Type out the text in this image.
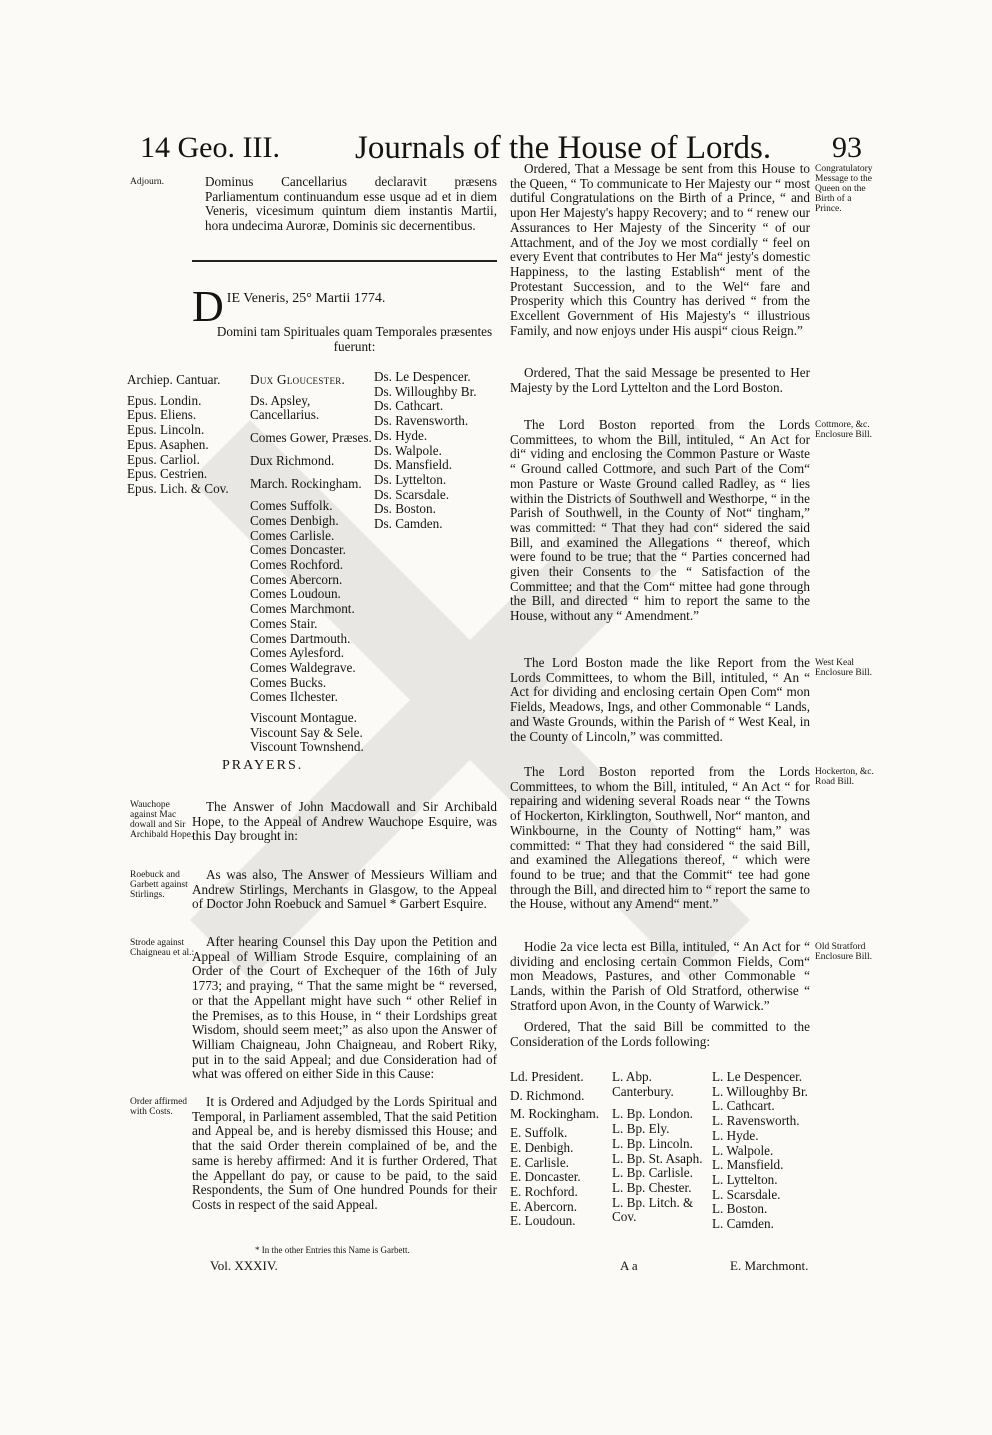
14 Geo. III. Journals of the House of Lords. 93
Adjourn.	Dominus Cancellarius declaravit præsens Parliamentum continuandum esse usque ad et in diem Veneris, vicesimum quintum diem instantis Martii, hora undecima Auroræ, Dominis sic decernentibus.
D IE Veneris, 25° Martii 1774.
Domini tam Spirituales quam Temporales præsentes fuerunt:
Archiep. Cantuar.
Epus. Londin.
Epus. Eliens.
Epus. Lincoln.
Epus. Asaphen.
Epus. Carliol.
Epus. Cestrien.
Epus. Lich. & Cov.
Dux Gloucester.
Ds. Apsley, Cancellarius.
Comes Gower, Præses.
Dux Richmond.
March. Rockingham.
Comes Suffolk.
Comes Denbigh.
Comes Carlisle.
Comes Doncaster.
Comes Rochford.
Comes Abercorn.
Comes Loudoun.
Comes Marchmont.
Comes Stair.
Comes Dartmouth.
Comes Aylesford.
Comes Waldegrave.
Comes Bucks.
Comes Ilchester.
Viscount Montague.
Viscount Say & Sele.
Viscount Townshend.
Ds. Le Despencer.
Ds. Willoughby Br.
Ds. Cathcart.
Ds. Ravensworth.
Ds. Hyde.
Ds. Walpole.
Ds. Mansfield.
Ds. Lyttelton.
Ds. Scarsdale.
Ds. Boston.
Ds. Camden.
PRAYERS.
Wauchope against Mac dowall and Sir Archibald Hope.
The Answer of John Macdowall and Sir Archibald Hope, to the Appeal of Andrew Wauchope Esquire, was this Day brought in:
Roebuck and Garbett against Stirlings.
As was also, The Answer of Messieurs William and Andrew Stirlings, Merchants in Glasgow, to the Appeal of Doctor John Roebuck and Samuel * Garbert Esquire.
Strode against Chaigneau et al.:
After hearing Counsel this Day upon the Petition and Appeal of William Strode Esquire, complaining of an Order of the Court of Exchequer of the 16th of July 1773; and praying, “ That the same might be “ reversed, or that the Appellant might have such “ other Relief in the Premises, as to this House, in “ their Lordships great Wisdom, should seem meet;” as also upon the Answer of William Chaigneau, John Chaigneau, and Robert Riky, put in to the said Appeal; and due Consideration had of what was offered on either Side in this Cause:
Order affirmed with Costs.
It is Ordered and Adjudged by the Lords Spiritual and Temporal, in Parliament assembled, That the said Petition and Appeal be, and is hereby dismissed this House; and that the said Order therein complained of be, and the same is hereby affirmed: And it is further Ordered, That the Appellant do pay, or cause to be paid, to the said Respondents, the Sum of One hundred Pounds for their Costs in respect of the said Appeal.
* In the other Entries this Name is Garbett.
Vol. XXXIV.
Ordered, That a Message be sent from this House to the Queen, “ To communicate to Her Majesty our “ most dutiful Congratulations on the Birth of a Prince, “ and upon Her Majesty's happy Recovery; and to “ renew our Assurances to Her Majesty of the Sincerity “ of our Attachment, and of the Joy we most cordially “ feel on every Event that contributes to Her Ma“ jesty's domestic Happiness, to the lasting Establish“ ment of the Protestant Succession, and to the Wel“ fare and Prosperity which this Country has derived “ from the Excellent Government of His Majesty's “ illustrious Family, and now enjoys under His auspi“ cious Reign.”
Congratulatory Message to the Queen on the Birth of a Prince.
Ordered, That the said Message be presented to Her Majesty by the Lord Lyttelton and the Lord Boston.
The Lord Boston reported from the Lords Committees, to whom the Bill, intituled, “ An Act for di“ viding and enclosing the Common Pasture or Waste “ Ground called Cottmore, and such Part of the Com“ mon Pasture or Waste Ground called Radley, as “ lies within the Districts of Southwell and Westhorpe, “ in the Parish of Southwell, in the County of Not“ tingham,” was committed: “ That they had con“ sidered the said Bill, and examined the Allegations “ thereof, which were found to be true; that the “ Parties concerned had given their Consents to the “ Satisfaction of the Committee; and that the Com“ mittee had gone through the Bill, and directed “ him to report the same to the House, without any “ Amendment.”
Cottmore, &c. Enclosure Bill.
The Lord Boston made the like Report from the Lords Committees, to whom the Bill, intituled, “ An “ Act for dividing and enclosing certain Open Com“ mon Fields, Meadows, Ings, and other Commonable “ Lands, and Waste Grounds, within the Parish of “ West Keal, in the County of Lincoln,” was committed.
West Keal Enclosure Bill.
The Lord Boston reported from the Lords Committees, to whom the Bill, intituled, “ An Act “ for repairing and widening several Roads near “ the Towns of Hockerton, Kirklington, Southwell, Nor“ manton, and Winkbourne, in the County of Notting“ ham,” was committed: “ That they had considered “ the said Bill, and examined the Allegations thereof, “ which were found to be true; and that the Commit“ tee had gone through the Bill, and directed him to “ report the same to the House, without any Amend“ ment.”
Hockerton, &c. Road Bill.
Hodie 2a vice lecta est Billa, intituled, “ An Act for “ dividing and enclosing certain Common Fields, Com“ mon Meadows, Pastures, and other Commonable “ Lands, within the Parish of Old Stratford, otherwise “ Stratford upon Avon, in the County of Warwick.”
Old Stratford Enclosure Bill.
Ordered, That the said Bill be committed to the Consideration of the Lords following:
Ld. President.
D. Richmond.
M. Rockingham.
E. Suffolk.
E. Denbigh.
E. Carlisle.
E. Doncaster.
E. Rochford.
E. Abercorn.
E. Loudoun.
L. Abp. Canterbury.
L. Bp. London.
L. Bp. Ely.
L. Bp. Lincoln.
L. Bp. St. Asaph.
L. Bp. Carlisle.
L. Bp. Chester.
L. Bp. Litch. & Cov.
L. Le Despencer.
L. Willoughby Br.
L. Cathcart.
L. Ravensworth.
L. Hyde.
L. Walpole.
L. Mansfield.
L. Lyttelton.
L. Scarsdale.
L. Boston.
L. Camden.
A a	E. Marchmont.
